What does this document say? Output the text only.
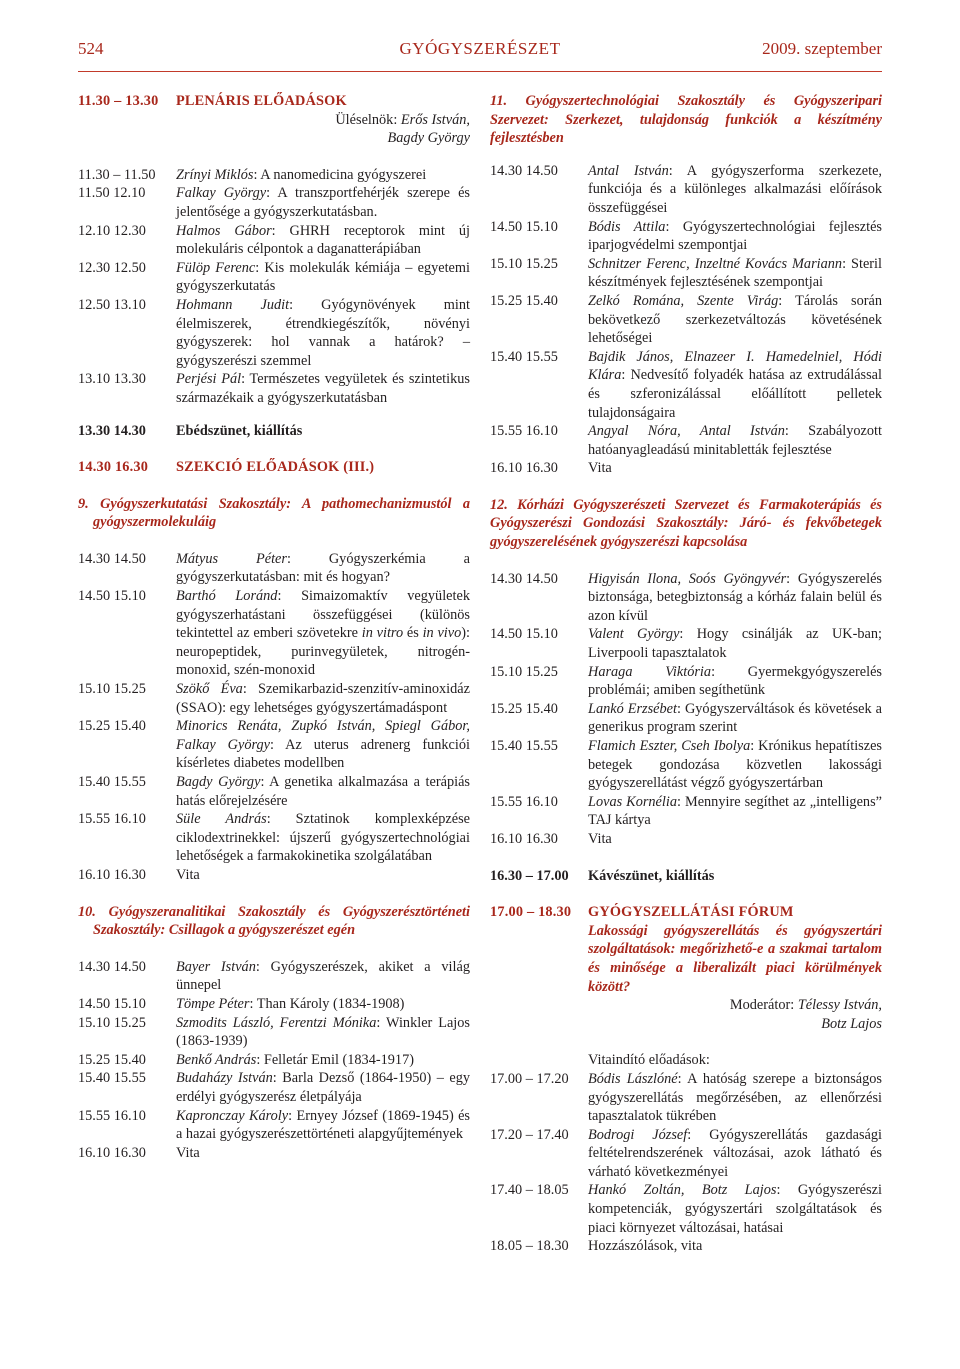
524	GYÓGYSZERÉSZET	2009. szeptember
11.30 – 13.30	PLENÁRIS ELŐADÁSOK
Üléselnök: Erős István,
Bagdy György
11.30 – 11.50	Zrínyi Miklós: A nanomedicina gyógyszerei
11.50 12.10	Falkay György: A transzportfehérjék szerepe és jelentősége a gyógyszerkutatásban.
12.10 12.30	Halmos Gábor: GHRH receptorok mint új molekuláris célpontok a daganatterápiában
12.30 12.50	Fülöp Ferenc: Kis molekulák kémiája – egyetemi gyógyszerkutatás
12.50 13.10	Hohmann Judit: Gyógynövények mint élelmiszerek, étrendkiegészítők, növényi gyógyszerek: hol vannak a határok? – gyógyszerészi szemmel
13.10 13.30	Perjési Pál: Természetes vegyületek és szintetikus származékaik a gyógyszerkutatásban
13.30 14.30	Ebédszünet, kiállítás
14.30 16.30	SZEKCIÓ ELŐADÁSOK (III.)
9. Gyógyszerkutatási Szakosztály: A pathomechanizmustól a gyógyszermolekuláig
14.30 14.50	Mátyus Péter: Gyógyszerkémia a gyógyszerkutatásban: mit és hogyan?
14.50 15.10	Barthó Loránd: Simaizomaktív vegyületek gyógyszerhatástani összefüggései (különös tekintettel az emberi szövetekre in vitro és in vivo): neuropeptidek, purinvegyületek, nitrogén-monoxid, szén-monoxid
15.10 15.25	Szökő Éva: Szemikarbazid-szenzitív-aminoxidáz (SSAO): egy lehetséges gyógyszertámadáspont
15.25 15.40	Minorics Renáta, Zupkó István, Spiegl Gábor, Falkay György: Az uterus adrenerg funkciói kísérletes diabetes modellben
15.40 15.55	Bagdy György: A genetika alkalmazása a terápiás hatás előrejelzésére
15.55 16.10	Süle András: Sztatinok komplexképzése ciklodextrinekkel: újszerű gyógyszertechnológiai lehetőségek a farmakokinetika szolgálatában
16.10 16.30	Vita
10. Gyógyszeranalitikai Szakosztály és Gyógyszerésztörténeti Szakosztály: Csillagok a gyógyszerészet egén
14.30 14.50	Bayer István: Gyógyszerészek, akiket a világ ünnepel
14.50 15.10	Tömpe Péter: Than Károly (1834-1908)
15.10 15.25	Szmodits László, Ferentzi Mónika: Winkler Lajos (1863-1939)
15.25 15.40	Benkő András: Felletár Emil (1834-1917)
15.40 15.55	Budaházy István: Barla Dezső (1864-1950) – egy erdélyi gyógyszerész életpályája
15.55 16.10	Kapronczay Károly: Ernyey József (1869-1945) és a hazai gyógyszerészettörténeti alapgyűjtemények
16.10 16.30	Vita
11. Gyógyszertechnológiai Szakosztály és Gyógyszeripari Szervezet: Szerkezet, tulajdonság funkciók a készítmény fejlesztésben
14.30 14.50	Antal István: A gyógyszerforma szerkezete, funkciója és a különleges alkalmazási előírások összefüggései
14.50 15.10	Bódis Attila: Gyógyszertechnológiai fejlesztés iparjogvédelmi szempontjai
15.10 15.25	Schnitzer Ferenc, Inzeltné Kovács Mariann: Steril készítmények fejlesztésének szempontjai
15.25 15.40	Zelkó Romána, Szente Virág: Tárolás során bekövetkező szerkezetváltozás követésének lehetőségei
15.40 15.55	Bajdik János, Elnazeer I. Hamedelniel, Hódi Klára: Nedvesítő folyadék hatása az extrudálással és szferonizálással előállított pelletek tulajdonságaira
15.55 16.10	Angyal Nóra, Antal István: Szabályozott hatóanyagleadású minitabletták fejlesztése
16.10 16.30	Vita
12. Kórházi Gyógyszerészeti Szervezet és Farmakoterápiás és Gyógyszerészi Gondozási Szakosztály: Járó- és fekvőbetegek gyógyszerelésének gyógyszerészi kapcsolása
14.30 14.50	Higyisán Ilona, Soós Gyöngyvér: Gyógyszerelés biztonsága, betegbiztonság a kórház falain belül és azon kívül
14.50 15.10	Valent György: Hogy csinálják az UK-ban; Liverpooli tapasztalatok
15.10 15.25	Haraga Viktória: Gyermekgyógyszerelés problémái; amiben segíthetünk
15.25 15.40	Lankó Erzsébet: Gyógyszerváltások és követések a generikus program szerint
15.40 15.55	Flamich Eszter, Cseh Ibolya: Krónikus hepatítiszes betegek gondozása közvetlen lakossági gyógyszerellátást végző gyógyszertárban
15.55 16.10	Lovas Kornélia: Mennyire segíthet az „intelligens” TAJ kártya
16.10 16.30	Vita
16.30 – 17.00	Kávészünet, kiállítás
17.00 – 18.30	GYÓGYSZELLÁTÁSI FÓRUM
Lakossági gyógyszerellátás és gyógyszertári szolgáltatások: megőrizhető-e a szakmai tartalom és minősége a liberalizált piaci körülmények között?
Moderátor: Télessy István,
Botz Lajos
Vitaindító előadások:
17.00 – 17.20	Bódis Lászlóné: A hatóság szerepe a biztonságos gyógyszerellátás megőrzésében, az ellenőrzési tapasztalatok tükrében
17.20 – 17.40	Bodrogi József: Gyógyszerellátás gazdasági feltételrendszerének változásai, azok látható és várható következményei
17.40 – 18.05	Hankó Zoltán, Botz Lajos: Gyógyszerészi kompetenciák, gyógyszertári szolgáltatások és piaci környezet változásai, hatásai
18.05 – 18.30	Hozzászólások, vita
